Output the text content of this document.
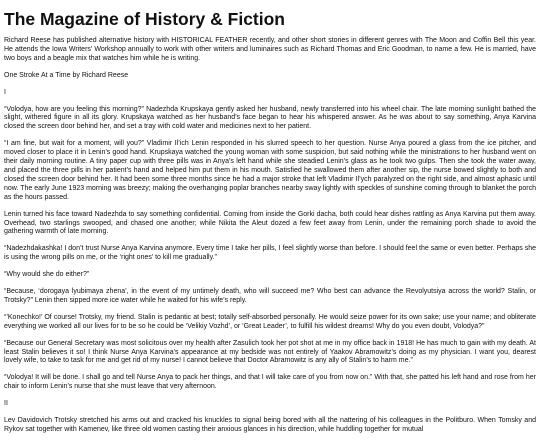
The Magazine of History & Fiction

Richard Reese has published alternative history with HISTORICAL FEATHER recently, and other short stories in different genres with The Moon and Coffin Bell this year. He attends the Iowa Writers' Workshop annually to work with other writers and luminaires such as Richard Thomas and Eric Goodman, to name a few. He is married, have two boys and a beagle mix that watches him while he is writing.

One Stroke At a Time by Richard Reese

I

“Volodya, how are you feeling this morning?” Nadezhda Krupskaya gently asked her husband, newly transferred into his wheel chair. The late morning sunlight bathed the slight, withered figure in all its glory. Krupskaya watched as her husband’s face began to hear his whispered answer. As he was about to say something, Anya Karvina closed the screen door behind her, and set a tray with cold water and medicines next to her patient.

“I am fine, but wait for a moment, will you?” Vladimir Il’ich Lenin responded in his slurred speech to her question. Nurse Anya poured a glass from the ice pitcher, and moved closer to place it in Lenin’s good hand. Krupskaya watched the young woman with some suspicion, but said nothing while the ministrations to her husband went on their daily morning routine. A tiny paper cup with three pills was in Anya’s left hand while she steadied Lenin’s glass as he took two gulps. Then she took the water away, and placed the three pills in her patient’s hand and helped him put them in his mouth. Satisfied he swallowed them after another sip, the nurse bowed slightly to both and closed the screen door behind her. It had been some three months since he had a major stroke that left Vladimir Il’ych paralyzed on the right side, and almost aphasic until now. The early June 1923 morning was breezy; making the overhanging poplar branches nearby sway lightly with speckles of sunshine coming through to blanket the porch as the hours passed.

Lenin turned his face toward Nadezhda to say something confidential. Coming from inside the Gorki dacha, both could hear dishes rattling as Anya Karvina put them away. Overhead, two starlings swooped, and chased one another; while Nikita the Aleut dozed a few feet away from Lenin, under the remaining porch shade to avoid the gathering warmth of late morning.

“Nadezhdakashka! I don’t trust Nurse Anya Karvina anymore. Every time I take her pills, I feel slightly worse than before. I should feel the same or even better. Perhaps she is using the wrong pills on me, or the ‘right ones’ to kill me gradually.”

“Why would she do either?”

“Because, ‘dorogaya lyubimaya zhena’, in the event of my untimely death, who will succeed me? Who best can advance the Revolyutsiya across the world? Stalin, or Trotsky?” Lenin then sipped more ice water while he waited for his wife’s reply.

“’Konechko!’ Of course! Trotsky, my friend. Stalin is pedantic at best; totally self-absorbed personally. He would seize power for its own sake; use your name; and obliterate everything we worked all our lives for to be so he could be ‘Velikiy Vozhd’, or ‘Great Leader’, to fulfill his wildest dreams! Why do you even doubt, Volodya?”

“Because our General Secretary was most solicitous over my health after Zasulich took her pot shot at me in my office back in 1918! He has much to gain with my death. At least Stalin believes it so! I think Nurse Anya Karvina’s appearance at my bedside was not entirely of Yaakov Abramowitz’s doing as my physician. I want you, dearest lovely wife, to take to task for me and get rid of my nurse! I cannot believe that Doctor Abramowitz is any ally of Stalin’s to harm me.”

“Volodya! It will be done. I shall go and tell Nurse Anya to pack her things, and that I will take care of you from now on.” With that, she patted his left hand and rose from her chair to inform Lenin’s nurse that she must leave that very afternoon.

II

Lev Davidovich Trotsky stretched his arms out and cracked his knuckles to signal being bored with all the nattering of his colleagues in the Politburo. When Tomsky and Rykov sat together with Kamenev, like three old women casting their anxious glances in his direction, while huddling together for mutual
